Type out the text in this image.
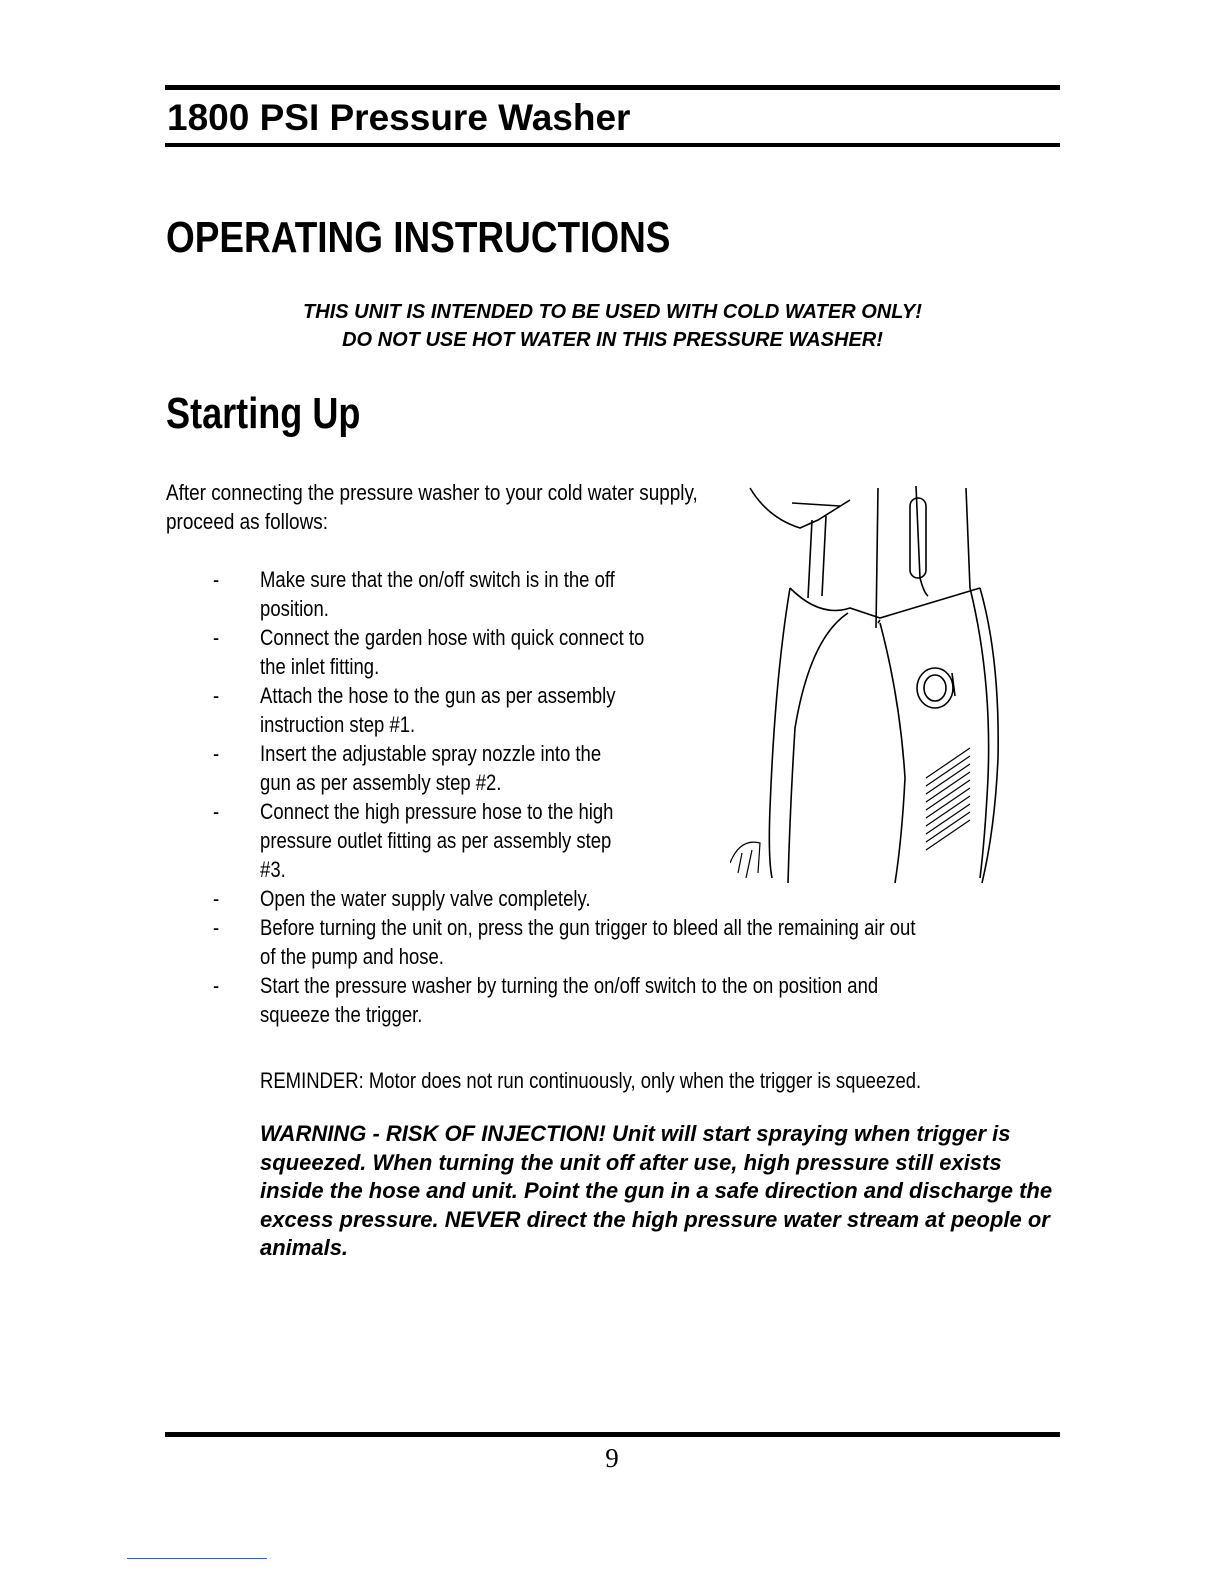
1800 PSI Pressure Washer
OPERATING INSTRUCTIONS
THIS UNIT IS INTENDED TO BE USED WITH COLD WATER ONLY!
DO NOT USE HOT WATER IN THIS PRESSURE WASHER!
Starting Up

After connecting the pressure washer to your cold water supply, proceed as follows:

- Make sure that the on/off switch is in the off position.
- Connect the garden hose with quick connect to the inlet fitting.
- Attach the hose to the gun as per assembly instruction step #1.
- Insert the adjustable spray nozzle into the gun as per assembly step #2.
- Connect the high pressure hose to the high pressure outlet fitting as per assembly step #3.
- Open the water supply valve completely.
- Before turning the unit on, press the gun trigger to bleed all the remaining air out of the pump and hose.
- Start the pressure washer by turning the on/off switch to the on position and squeeze the trigger.

REMINDER: Motor does not run continuously, only when the trigger is squeezed.

WARNING - RISK OF INJECTION! Unit will start spraying when trigger is squeezed. When turning the unit off after use, high pressure still exists inside the hose and unit. Point the gun in a safe direction and discharge the excess pressure. NEVER direct the high pressure water stream at people or animals.

9
